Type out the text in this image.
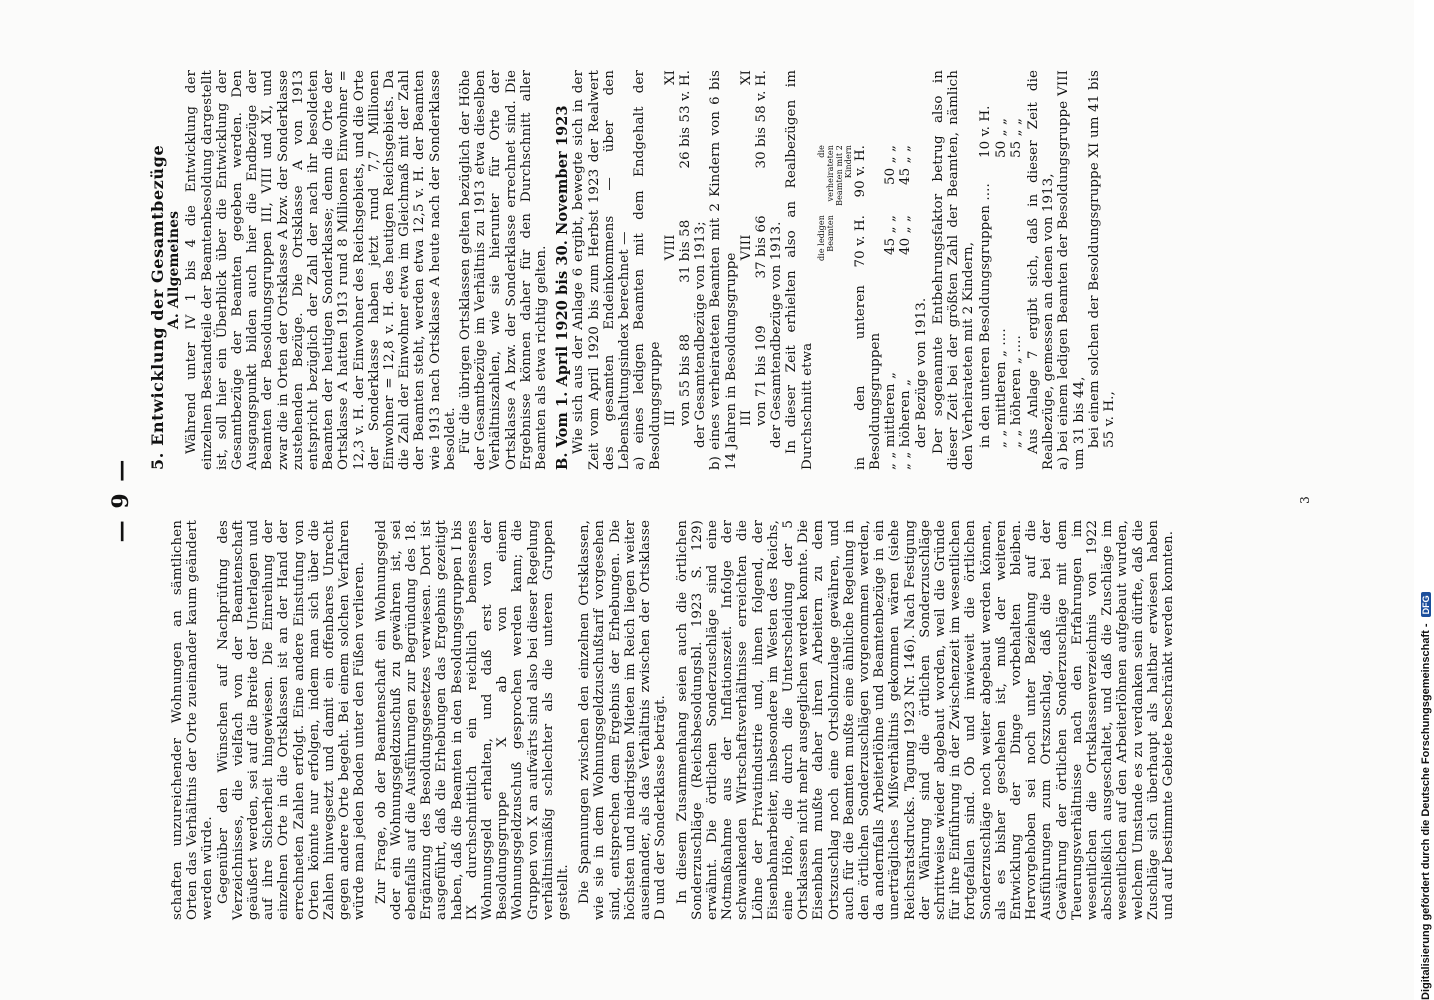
— 9 —

schaften unzureichender Wohnungen an sämtlichen Orten das Verhältnis der Orte zueinander kaum geändert werden würde. Gegenüber den Wünschen auf Nachprüfung des Verzeichnisses, die vielfach von der Beamtenschaft geäußert werden, sei auf die Breite der Unterlagen und auf ihre Sicherheit hingewiesen. Die Einreihung der einzelnen Orte in die Ortsklassen ist an der Hand der errechneten Zahlen erfolgt. Eine andere Einstufung von Orten könnte nur erfolgen, indem man sich über die Zahlen hinwegsetzt und damit ein offenbares Unrecht gegen andere Orte begeht. Bei einem solchen Verfahren würde man jeden Boden unter den Füßen verlieren. Zur Frage, ob der Beamtenschaft ein Wohnungsgeld oder ein Wohnungsgeldzuschuß zu gewähren ist, sei ebenfalls auf die Ausführungen zur Begründung des 18. Ergänzung des Besoldungsgesetzes verwiesen. Dort ist ausgeführt, daß die Erhebungen das Ergebnis gezeitigt haben, daß die Beamten in den Besoldungsgruppen I bis IX durchschnittlich ein reichlich bemessenes Wohnungsgeld erhalten, und daß erst von der Besoldungsgruppe X ab von einem Wohnungsgeldzuschuß gesprochen werden kann; die Gruppen von X an aufwärts sind also bei dieser Regelung verhältnismäßig schlechter als die unteren Gruppen gestellt. Die Spannungen zwischen den einzelnen Ortsklassen, wie sie in dem Wohnungsgeldzuschußtarif vorgesehen sind, entsprechen dem Ergebnis der Erhebungen. Die höchsten und niedrigsten Mieten im Reich liegen weiter auseinander, als das Verhältnis zwischen der Ortsklasse D und der Sonderklasse beträgt. In diesem Zusammenhang seien auch die örtlichen Sonderzuschläge (Reichsbesoldungsbl. 1923 S. 129) erwähnt. Die örtlichen Sonderzuschläge sind eine Notmaßnahme aus der Inflationszeit. Infolge der schwankenden Wirtschaftsverhältnisse erreichten die Löhne der Privatindustrie und, ihnen folgend, der Eisenbahnarbeiter, insbesondere im Westen des Reichs, eine Höhe, die durch die Unterscheidung der 5 Ortsklassen nicht mehr ausgeglichen werden konnte. Die Eisenbahn mußte daher ihren Arbeitern zu dem Ortszuschlag noch eine Ortslohnzulage gewähren, und auch für die Beamten mußte eine ähnliche Regelung in den örtlichen Sonderzuschlägen vorgenommen werden, da andernfalls Arbeiterlöhne und Beamtenbezüge in ein unerträgliches Mißverhältnis gekommen wären (siehe Reichsratsdrucks. Tagung 1923 Nr. 146). Nach Festigung der Währung sind die örtlichen Sonderzuschläge schrittweise wieder abgebaut worden, weil die Gründe für ihre Einführung in der Zwischenzeit im wesentlichen fortgefallen sind. Ob und inwieweit die örtlichen Sonderzuschläge noch weiter abgebaut werden können, als es bisher geschehen ist, muß der weiteren Entwicklung der Dinge vorbehalten bleiben. Hervorgehoben sei noch unter Beziehung auf die Ausführungen zum Ortszuschlag, daß die bei der Gewährung der örtlichen Sonderzuschläge mit dem Teuerungsverhältnisse nach den Erfahrungen im wesentlichen die Ortsklassenverzeichnis von 1922 abschließlich ausgeschaltet, und daß die Zuschläge im wesentlichen auf den Arbeiterlöhnen aufgebaut wurden, welchem Umstande es zu verdanken sein dürfte, daß die Zuschläge sich überhaupt als haltbar erwiesen haben und auf bestimmte Gebiete beschränkt werden konnten.

5. Entwicklung der Gesamtbezüge A. Allgemeines Während unter IV 1 bis 4 die Entwicklung der einzelnen Bestandteile der Beamtenbesoldung dargestellt ist, soll hier ein Überblick über die Entwicklung der Gesamtbezüge der Beamten gegeben werden. Den Ausgangspunkt bilden auch hier die Endbezüge der Beamten der Besoldungsgruppen III, VIII und XI, und zwar die in Orten der Ortsklasse A bzw. der Sonderklasse zustehenden Bezüge. Die Ortsklasse A von 1913 entspricht bezüglich der Zahl der nach ihr besoldeten Beamten der heutigen Sonderklasse; denn die Orte der Ortsklasse A hatten 1913 rund 8 Millionen Einwohner = 12,3 v. H. der Einwohner des Reichsgebiets, und die Orte der Sonderklasse haben jetzt rund 7,7 Millionen Einwohner = 12,8 v. H. des heutigen Reichsgebiets. Da die Zahl der Einwohner etwa im Gleichmaß mit der Zahl der Beamten steht, werden etwa 12,5 v. H. der Beamten wie 1913 nach Ortsklasse A heute nach der Sonderklasse besoldet. Für die übrigen Ortsklassen gelten bezüglich der Höhe der Gesamtbezüge im Verhältnis zu 1913 etwa dieselben Verhältniszahlen, wie sie hierunter für Orte der Ortsklasse A bzw. der Sonderklasse errechnet sind. Die Ergebnisse können daher für den Durchschnitt aller Beamten als etwa richtig gelten. B. Vom 1. April 1920 bis 30. November 1923 Wie sich aus der Anlage 6 ergibt, bewegte sich in der Zeit vom April 1920 bis zum Herbst 1923 der Realwert des gesamten Endeinkommens — über den Lebenshaltungsindex berechnet — a) eines ledigen Beamten mit dem Endgehalt der Besoldungsgruppe III
VIII
XI
von 55 bis 88
31 bis 58
26 bis 53 v. H.
der Gesamtendbezüge von 1913; b) eines verheirateten Beamten mit 2 Kindern von 6 bis 14 Jahren in Besoldungsgruppe III
VIII
XI
von 71 bis 109
37 bis 66
30 bis 58 v. H.
der Gesamtendbezüge von 1913. In dieser Zeit erhielten also an Realbezügen im Durchschnitt etwa

die ledigen Beamten
die verheirateten Beamten mit 2 Kindern
in den unteren Besoldungsgruppen
70 v. H.
90 v. H.
„ „ mittleren „
45 „ „
50 „ „
„ „ höheren „
40 „ „
45 „ „
der Bezüge von 1913. Der sogenannte Entbehrungsfaktor betrug also in dieser Zeit bei der größten Zahl der Beamten, nämlich den Verheirateten mit 2 Kindern, in den unteren Besoldungsgruppen ....
10 v. H.
„ „ mittleren „ ....
50 „ „
„ „ höheren „ ....
55 „ „ Aus Anlage 7 ergibt sich, daß in dieser Zeit die Realbezüge, gemessen an denen von 1913, a) bei einem ledigen Beamten der Besoldungsgruppe VIII um 31 bis 44, bei einem solchen der Besoldungsgruppe XI um 41 bis 55 v. H.,

3
Digitalisierung gefördert durch die Deutsche Forschungsgemeinschaft - DFG
